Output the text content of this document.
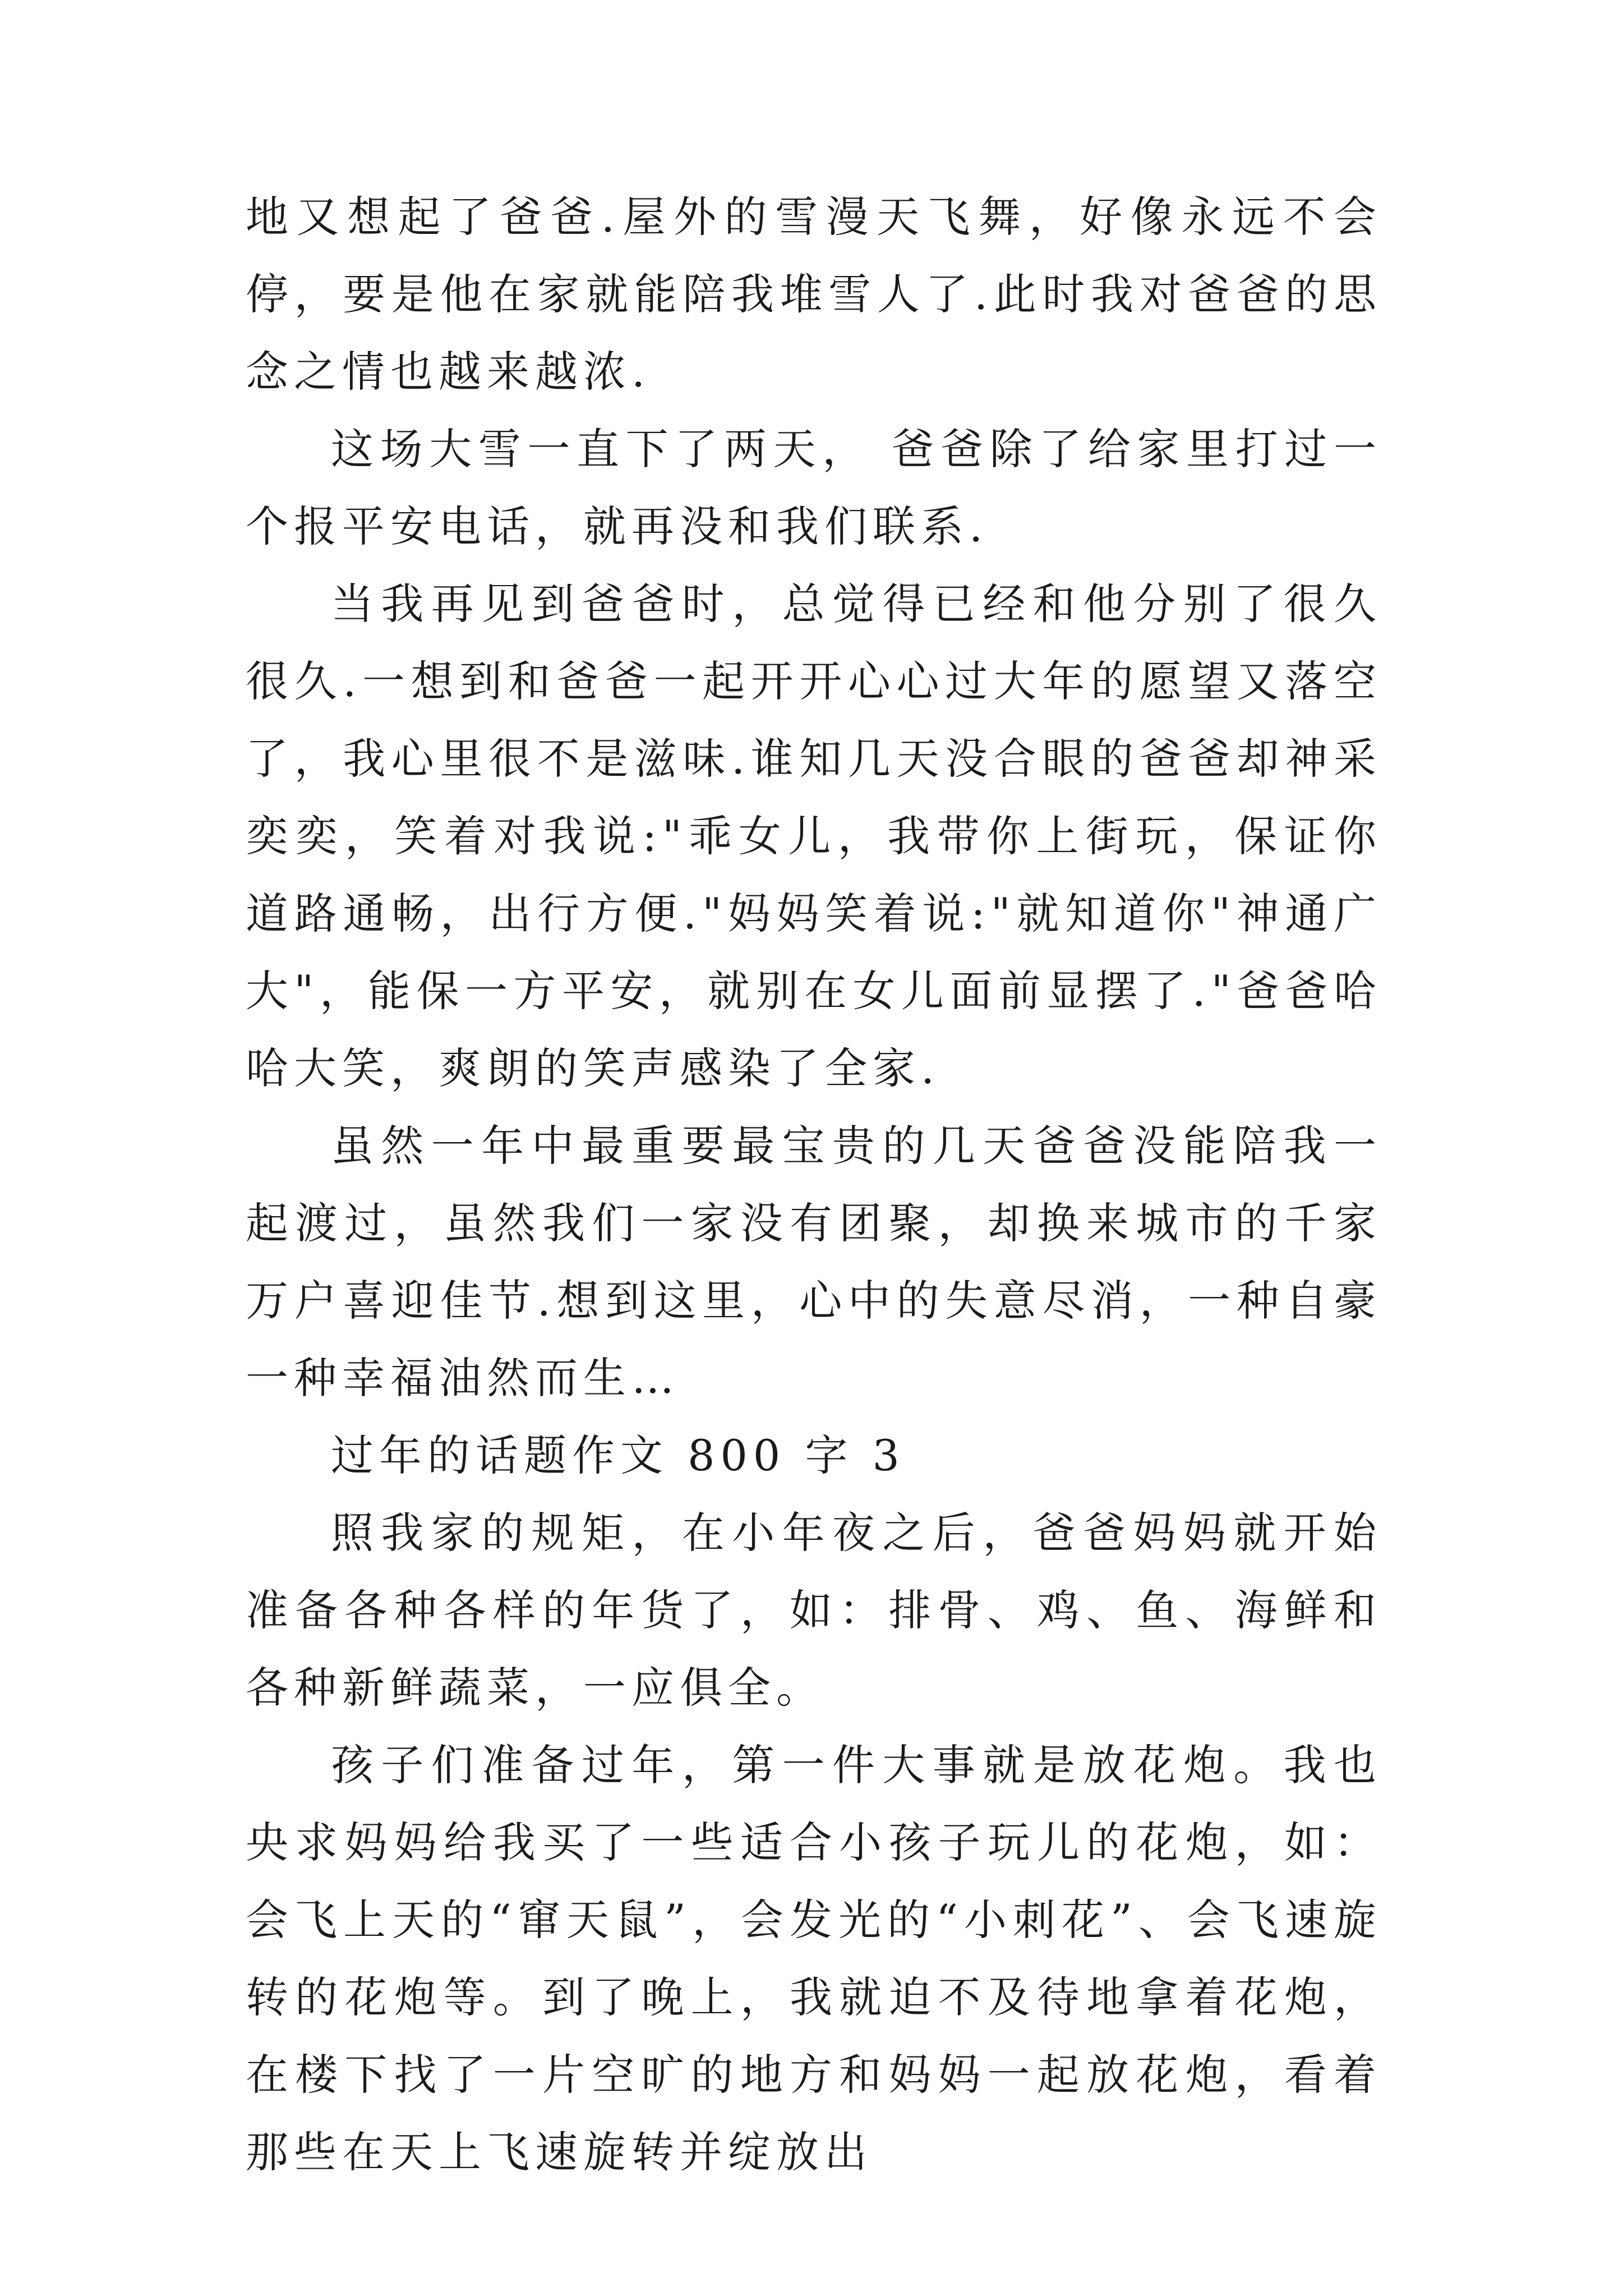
地又想起了爸爸.屋外的雪漫天飞舞，好像永远不会停，要是他在家就能陪我堆雪人了.此时我对爸爸的思念之情也越来越浓.

这场大雪一直下了两天， 爸爸除了给家里打过一个报平安电话，就再没和我们联系.

当我再见到爸爸时，总觉得已经和他分别了很久很久.一想到和爸爸一起开开心心过大年的愿望又落空了，我心里很不是滋味.谁知几天没合眼的爸爸却神采奕奕，笑着对我说:"乖女儿，我带你上街玩，保证你道路通畅，出行方便."妈妈笑着说:"就知道你"神通广大"，能保一方平安，就别在女儿面前显摆了."爸爸哈哈大笑，爽朗的笑声感染了全家.

虽然一年中最重要最宝贵的几天爸爸没能陪我一起渡过，虽然我们一家没有团聚，却换来城市的千家万户喜迎佳节.想到这里，心中的失意尽消，一种自豪一种幸福油然而生…

过年的话题作文 800 字 3

照我家的规矩，在小年夜之后，爸爸妈妈就开始准备各种各样的年货了，如：排骨、鸡、鱼、海鲜和各种新鲜蔬菜，一应俱全。

孩子们准备过年，第一件大事就是放花炮。我也央求妈妈给我买了一些适合小孩子玩儿的花炮，如：会飞上天的“窜天鼠”，会发光的“小刺花”、会飞速旋转的花炮等。到了晚上，我就迫不及待地拿着花炮，在楼下找了一片空旷的地方和妈妈一起放花炮，看着那些在天上飞速旋转并绽放出
